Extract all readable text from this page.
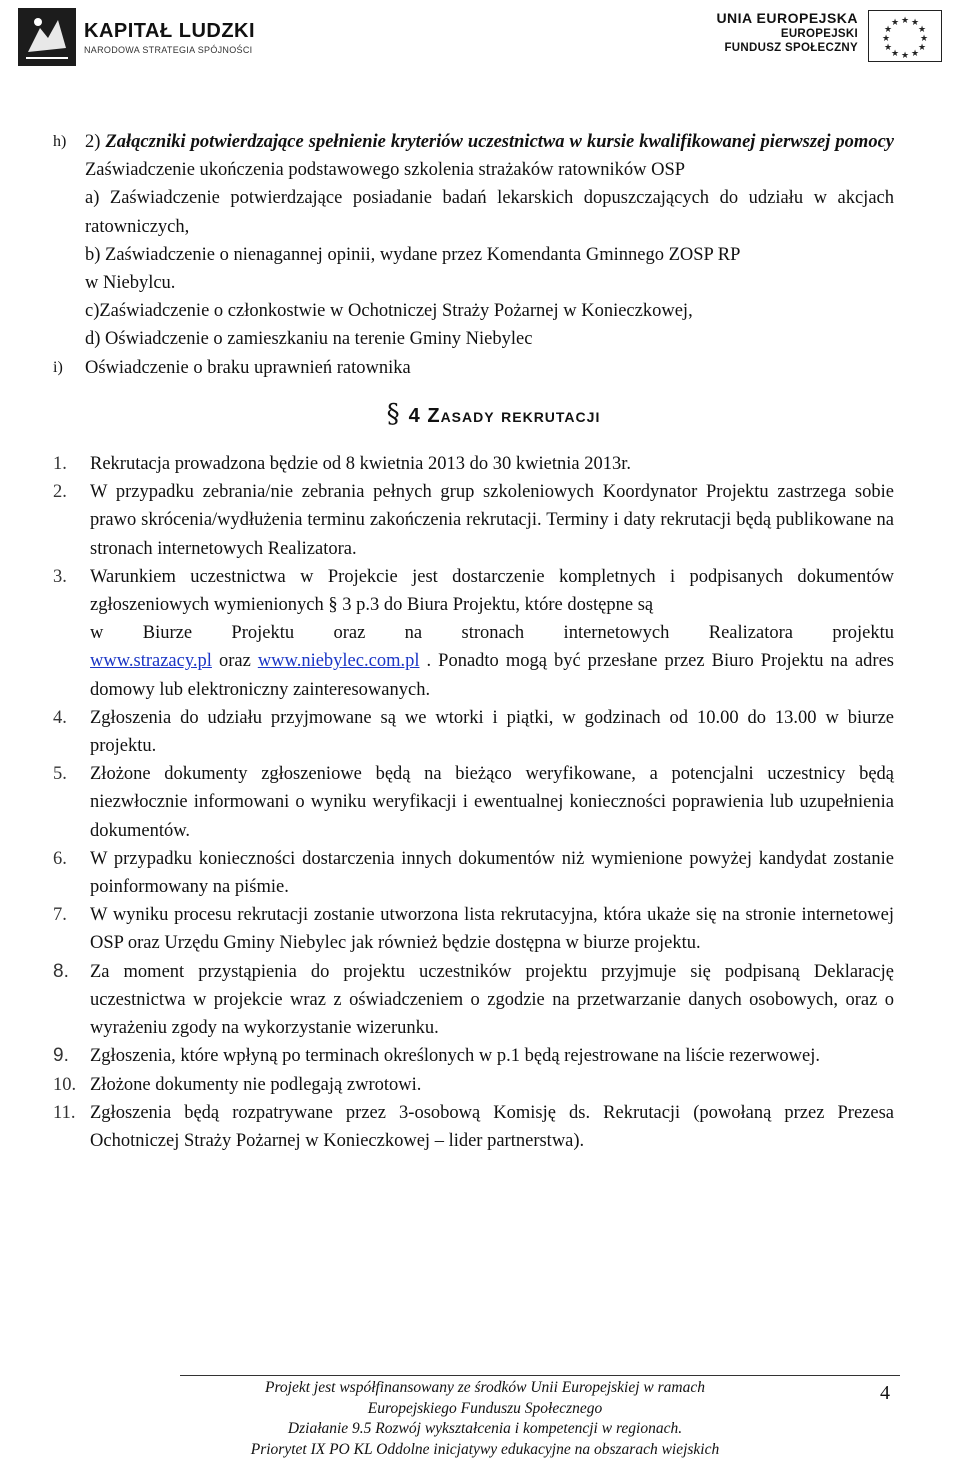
KAPITAŁ LUDZKI
NARODOWA STRATEGIA SPÓJNOŚCI
UNIA EUROPEJSKA
EUROPEJSKI
FUNDUSZ SPOŁECZNY
★ ★
★
★
★
★
★
★
★
★
★
★
h)	2) Załączniki potwierdzające spełnienie kryteriów uczestnictwa w kursie kwalifikowanej pierwszej pomocy Zaświadczenie ukończenia podstawowego szkolenia strażaków ratowników OSP

a) Zaświadczenie potwierdzające posiadanie badań lekarskich dopuszczających do udziału w akcjach ratowniczych,

b) Zaświadczenie o nienagannej opinii, wydane przez Komendanta Gminnego ZOSP RP

w Niebylcu.

c)Zaświadczenie o członkostwie w Ochotniczej Straży Pożarnej w Konieczkowej,

d) Oświadczenie o zamieszkaniu na terenie Gminy Niebylec

i)	Oświadczenie o braku uprawnień ratownika
§ 4 Zasady rekrutacji
1.	Rekrutacja prowadzona będzie od 8 kwietnia 2013 do 30 kwietnia 2013r.
2.	W przypadku zebrania/nie zebrania pełnych grup szkoleniowych Koordynator Projektu zastrzega sobie prawo skrócenia/wydłużenia terminu zakończenia rekrutacji. Terminy i daty rekrutacji będą publikowane na stronach internetowych Realizatora.
3.	Warunkiem uczestnictwa w Projekcie jest dostarczenie kompletnych i podpisanych dokumentów zgłoszeniowych wymienionych § 3 p.3 do Biura Projektu, które dostępne są
w Biurze Projektu oraz na stronach internetowych Realizatora projektu
www.strazacy.pl oraz www.niebylec.com.pl . Ponadto mogą być przesłane przez Biuro Projektu na adres domowy lub elektroniczny zainteresowanych.
4.	Zgłoszenia do udziału przyjmowane są we wtorki i piątki, w godzinach od 10.00 do 13.00 w biurze projektu.
5.	Złożone dokumenty zgłoszeniowe będą na bieżąco weryfikowane, a potencjalni uczestnicy będą niezwłocznie informowani o wyniku weryfikacji i ewentualnej konieczności poprawienia lub uzupełnienia dokumentów.
6.	W przypadku konieczności dostarczenia innych dokumentów niż wymienione powyżej kandydat zostanie poinformowany na piśmie.
7.	W wyniku procesu rekrutacji zostanie utworzona lista rekrutacyjna, która ukaże się na stronie internetowej OSP oraz Urzędu Gminy Niebylec jak również będzie dostępna w biurze projektu.
8.	Za moment przystąpienia do projektu uczestników projektu przyjmuje się podpisaną Deklarację uczestnictwa w projekcie wraz z oświadczeniem o zgodzie na przetwarzanie danych osobowych, oraz o wyrażeniu zgody na wykorzystanie wizerunku.
9.	Zgłoszenia, które wpłyną po terminach określonych w p.1 będą rejestrowane na liście rezerwowej.
10. Złożone dokumenty nie podlegają zwrotowi.
11. Zgłoszenia będą rozpatrywane przez 3-osobową Komisję ds. Rekrutacji (powołaną przez Prezesa Ochotniczej Straży Pożarnej w Konieczkowej – lider partnerstwa).
Projekt jest współfinansowany ze środków Unii Europejskiej w ramach
Europejskiego Funduszu Społecznego
Działanie 9.5 Rozwój wykształcenia i kompetencji w regionach.
Priorytet IX PO KL Oddolne inicjatywy edukacyjne na obszarach wiejskich
4
